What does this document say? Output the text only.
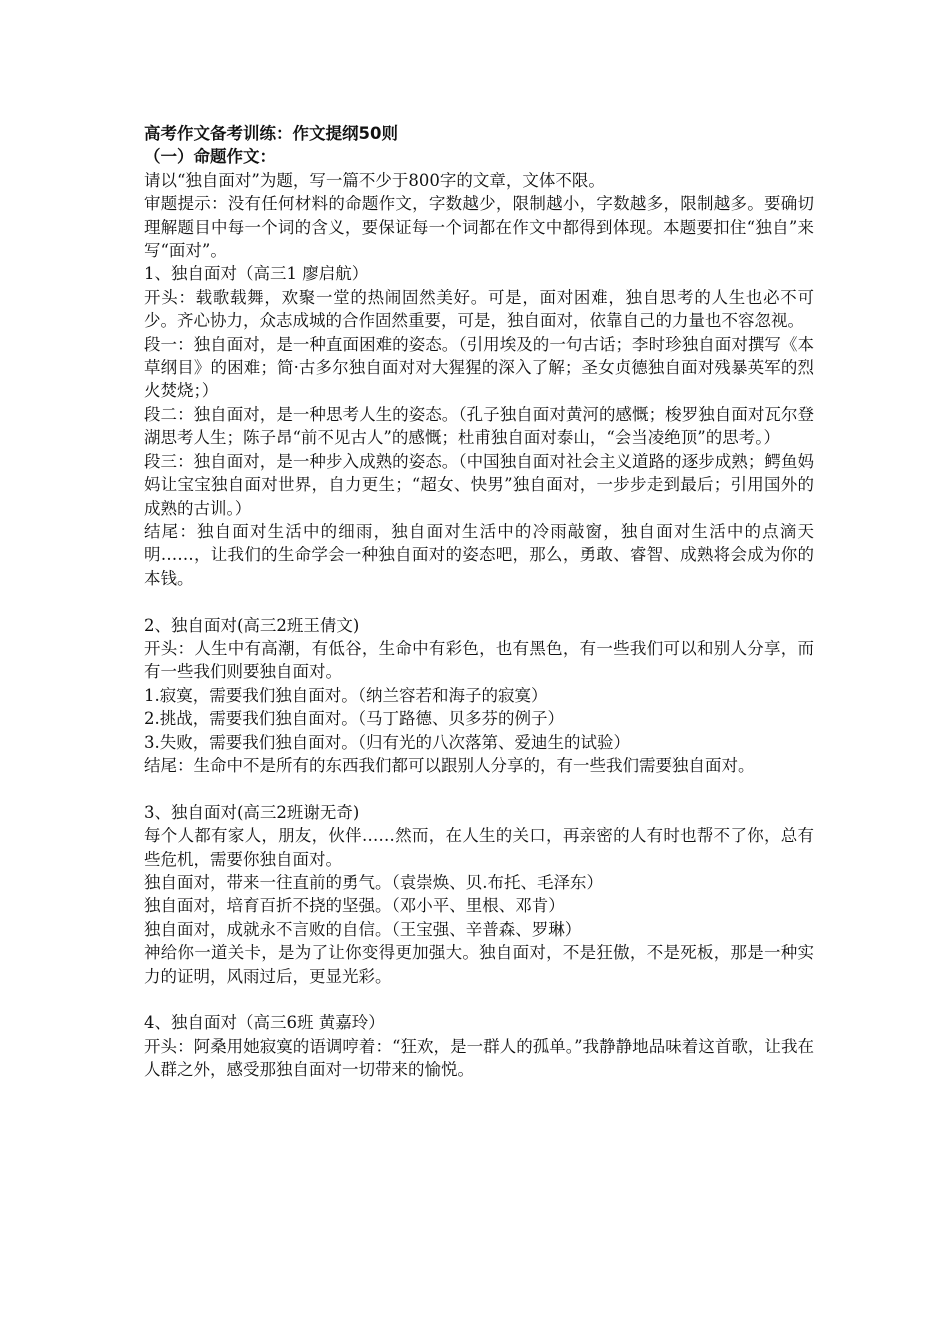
高考作文备考训练：作文提纲50则
（一）命题作文：
请以“独自面对”为题，写一篇不少于800字的文章，文体不限。
审题提示：没有任何材料的命题作文，字数越少，限制越小，字数越多，限制越多。要确切理解题目中每一个词的含义，要保证每一个词都在作文中都得到体现。本题要扣住“独自”来写“面对”。
1、独自面对（高三1 廖启航）
开头：载歌载舞，欢聚一堂的热闹固然美好。可是，面对困难，独自思考的人生也必不可少。齐心协力，众志成城的合作固然重要，可是，独自面对，依靠自己的力量也不容忽视。
段一：独自面对，是一种直面困难的姿态。（引用埃及的一句古话；李时珍独自面对撰写《本草纲目》的困难；简·古多尔独自面对对大猩猩的深入了解；圣女贞德独自面对残暴英军的烈火焚烧；）
段二：独自面对，是一种思考人生的姿态。（孔子独自面对黄河的感慨；梭罗独自面对瓦尔登湖思考人生；陈子昂“前不见古人”的感慨；杜甫独自面对泰山，“会当凌绝顶”的思考。）
段三：独自面对，是一种步入成熟的姿态。（中国独自面对社会主义道路的逐步成熟；鳄鱼妈妈让宝宝独自面对世界，自力更生；“超女、快男”独自面对，一步步走到最后；引用国外的成熟的古训。）
结尾：独自面对生活中的细雨，独自面对生活中的冷雨敲窗，独自面对生活中的点滴天明……，让我们的生命学会一种独自面对的姿态吧，那么，勇敢、睿智、成熟将会成为你的本钱。
2、独自面对(高三2班王倩文)
开头：人生中有高潮，有低谷，生命中有彩色，也有黑色，有一些我们可以和别人分享，而有一些我们则要独自面对。
1.寂寞，需要我们独自面对。（纳兰容若和海子的寂寞）
2.挑战，需要我们独自面对。（马丁路德、贝多芬的例子）
3.失败，需要我们独自面对。（归有光的八次落第、爱迪生的试验）
结尾：生命中不是所有的东西我们都可以跟别人分享的，有一些我们需要独自面对。
3、独自面对(高三2班谢无奇)
每个人都有家人，朋友，伙伴……然而，在人生的关口，再亲密的人有时也帮不了你，总有些危机，需要你独自面对。
独自面对，带来一往直前的勇气。（袁崇焕、贝.布托、毛泽东）
独自面对，培育百折不挠的坚强。（邓小平、里根、邓肯）
独自面对，成就永不言败的自信。（王宝强、辛普森、罗琳）
神给你一道关卡，是为了让你变得更加强大。独自面对，不是狂傲，不是死板，那是一种实力的证明，风雨过后，更显光彩。
4、独自面对（高三6班 黄嘉玲）
开头：阿桑用她寂寞的语调哼着：“狂欢，是一群人的孤单。”我静静地品味着这首歌，让我在人群之外，感受那独自面对一切带来的愉悦。
